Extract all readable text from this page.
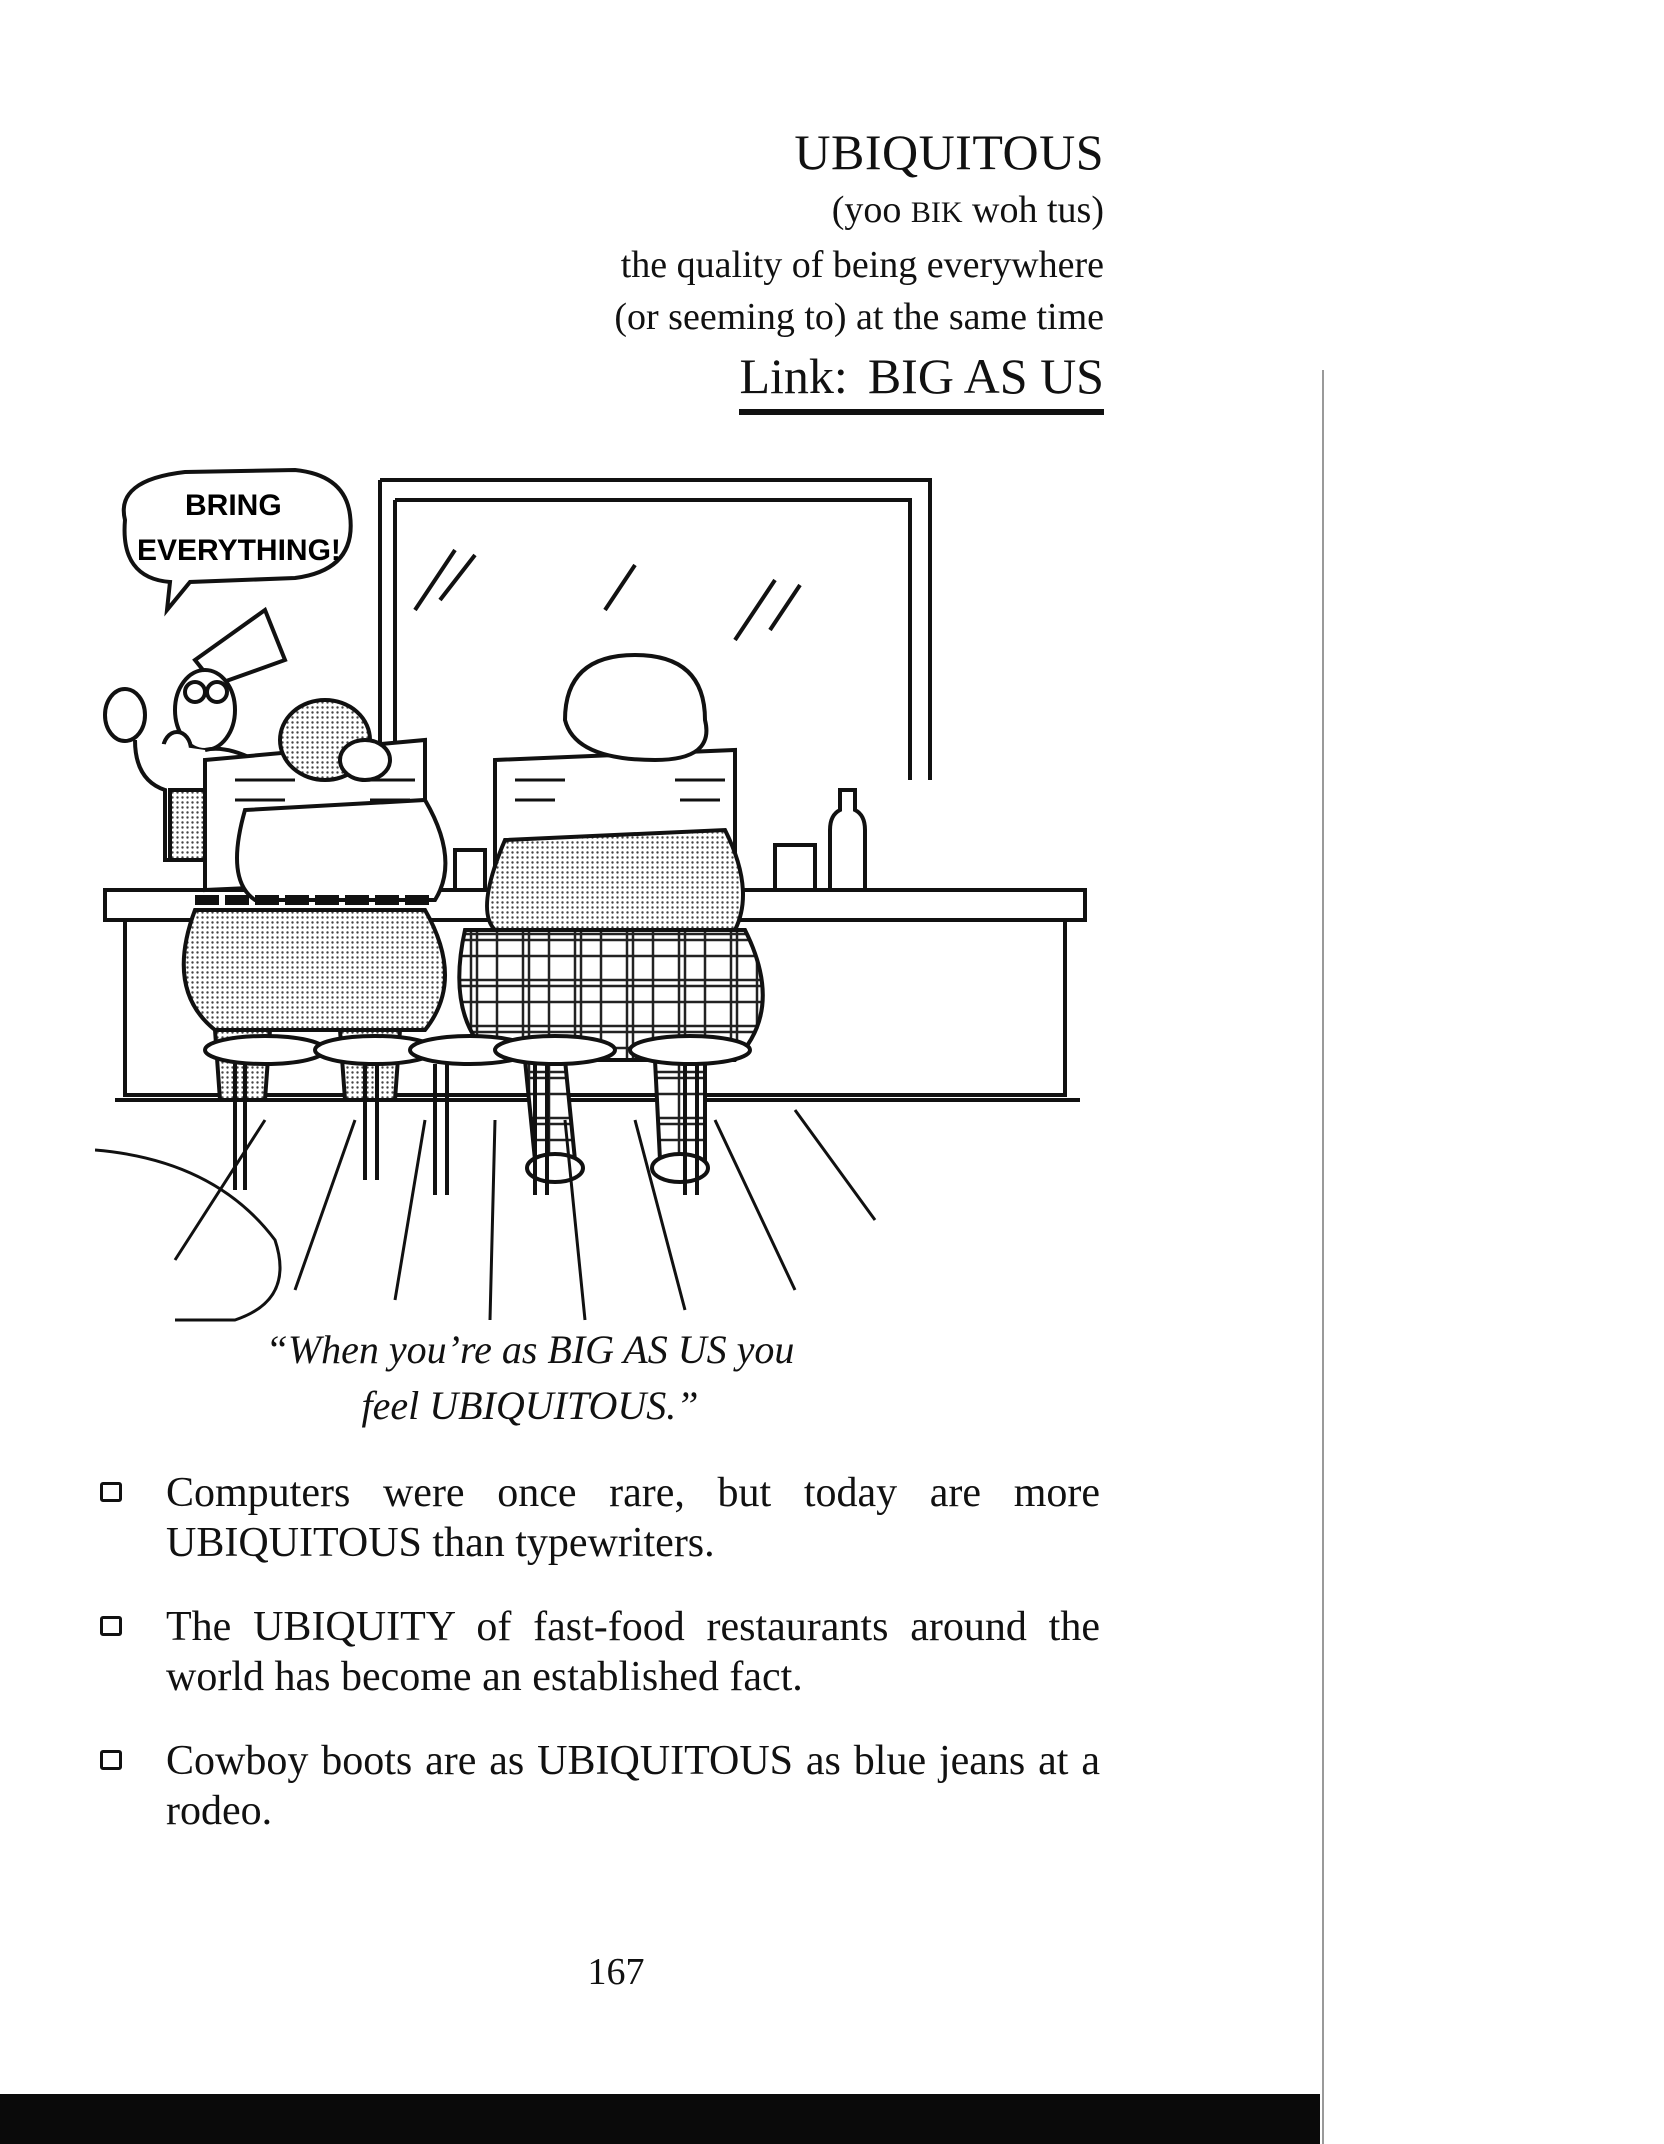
UBIQUITOUS
(yoo BIK woh tus)
the quality of being everywhere
(or seeming to) at the same time
Link: BIG AS US
BRING
EVERYTHING!
“When you’re as BIG AS US you
feel UBIQUITOUS.”
Computers were once rare, but today are more UBIQUITOUS than typewriters.
The UBIQUITY of fast-food restaurants around the world has become an established fact.
Cowboy boots are as UBIQUITOUS as blue jeans at a rodeo.
167
